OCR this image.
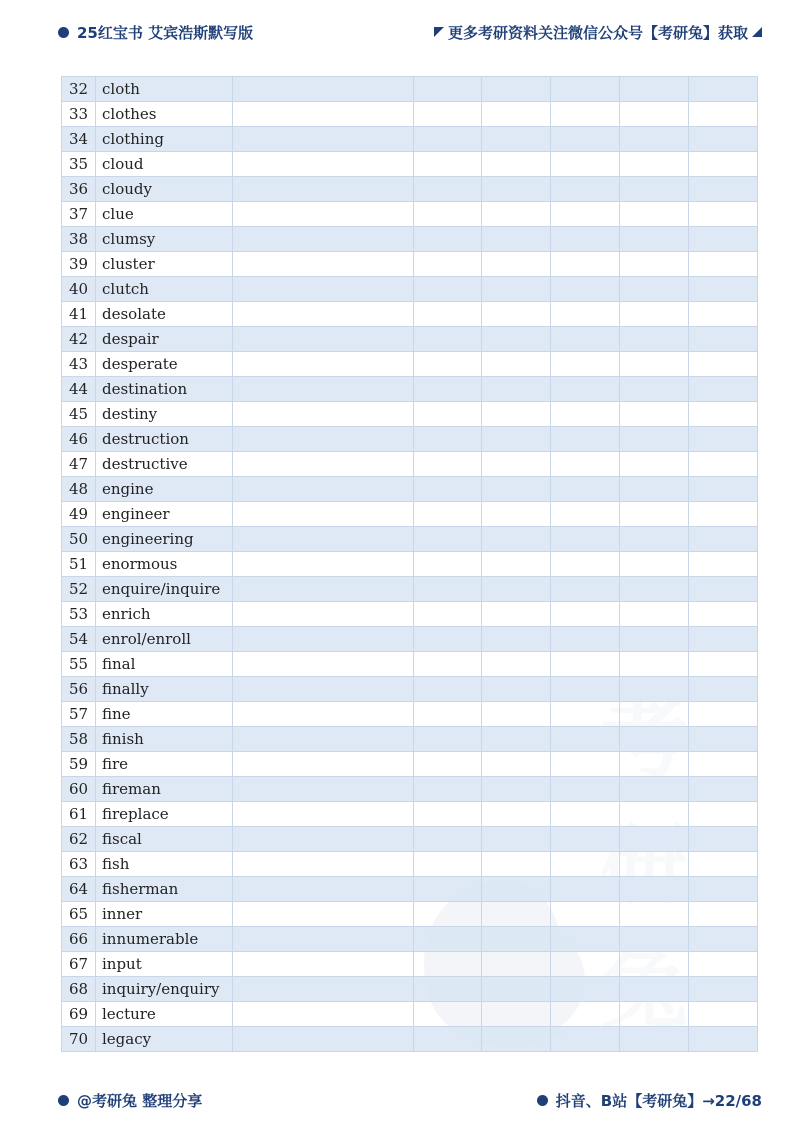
25红宝书 艾宾浩斯默写版	更多考研资料关注微信公众号【考研兔】获取
32	cloth						
33	clothes						
34	clothing						
35	cloud						
36	cloudy						
37	clue						
38	clumsy						
39	cluster						
40	clutch						
41	desolate						
42	despair						
43	desperate						
44	destination						
45	destiny						
46	destruction						
47	destructive						
48	engine						
49	engineer						
50	engineering						
51	enormous						
52	enquire/inquire						
53	enrich						
54	enrol/enroll						
55	final						
56	finally						
57	fine						
58	finish						
59	fire						
60	fireman						
61	fireplace						
62	fiscal						
63	fish						
64	fisherman						
65	inner						
66	innumerable						
67	input						
68	inquiry/enquiry						
69	lecture						
70	legacy						
@考研兔 整理分享	抖音、B站【考研兔】→22/68
